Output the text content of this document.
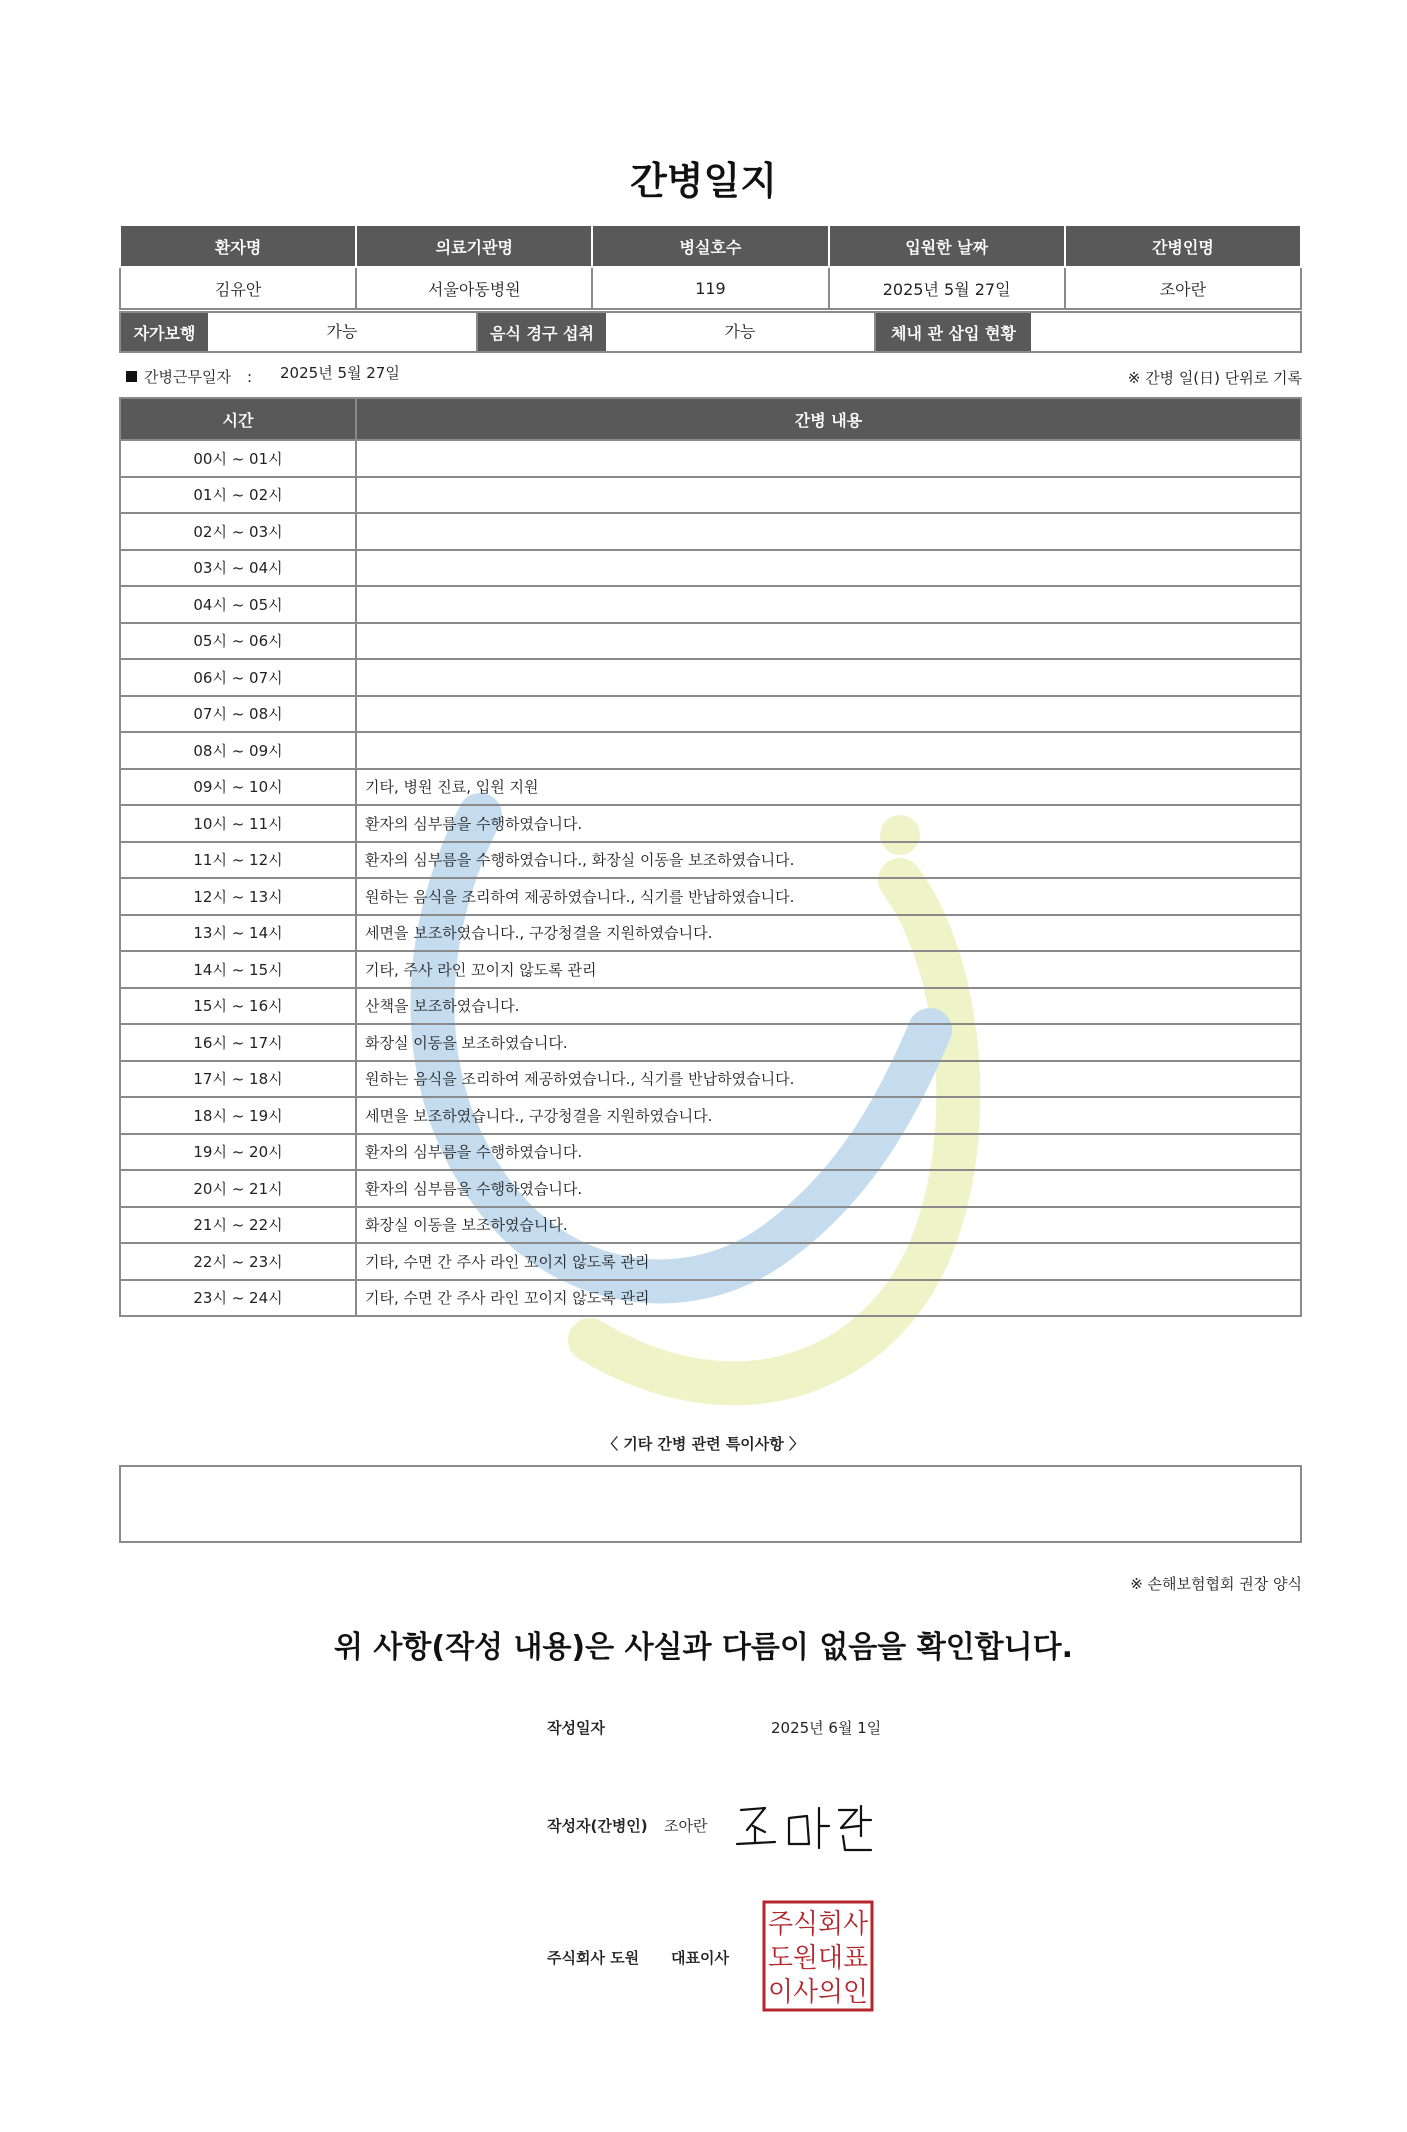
간병일지
환자명	의료기관명	병실호수	입원한 날짜	간병인명
김유안	서울아동병원	119	2025년 5월 27일	조아란
자가보행	가능	음식 경구 섭취	가능	체내 관 삽입 현황
간병근무일자 : 2025년 5월 27일	※ 간병 일(日) 단위로 기록
시간	간병 내용
00시 ~ 01시	
01시 ~ 02시	
02시 ~ 03시	
03시 ~ 04시	
04시 ~ 05시	
05시 ~ 06시	
06시 ~ 07시	
07시 ~ 08시	
08시 ~ 09시	
09시 ~ 10시	기타, 병원 진료, 입원 지원
10시 ~ 11시	환자의 심부름을 수행하였습니다.
11시 ~ 12시	환자의 심부름을 수행하였습니다., 화장실 이동을 보조하였습니다.
12시 ~ 13시	원하는 음식을 조리하여 제공하였습니다., 식기를 반납하였습니다.
13시 ~ 14시	세면을 보조하였습니다., 구강청결을 지원하였습니다.
14시 ~ 15시	기타, 주사 라인 꼬이지 않도록 관리
15시 ~ 16시	산책을 보조하였습니다.
16시 ~ 17시	화장실 이동을 보조하였습니다.
17시 ~ 18시	원하는 음식을 조리하여 제공하였습니다., 식기를 반납하였습니다.
18시 ~ 19시	세면을 보조하였습니다., 구강청결을 지원하였습니다.
19시 ~ 20시	환자의 심부름을 수행하였습니다.
20시 ~ 21시	환자의 심부름을 수행하였습니다.
21시 ~ 22시	화장실 이동을 보조하였습니다.
22시 ~ 23시	기타, 수면 간 주사 라인 꼬이지 않도록 관리
23시 ~ 24시	기타, 수면 간 주사 라인 꼬이지 않도록 관리
〈 기타 간병 관련 특이사항 〉
※ 손해보험협회 권장 양식
위 사항(작성 내용)은 사실과 다름이 없음을 확인합니다.
작성일자	2025년 6월 1일
작성자(간병인) 조아란
주식회사 도원 대표이사
주식회사
도원대표
이사의인
